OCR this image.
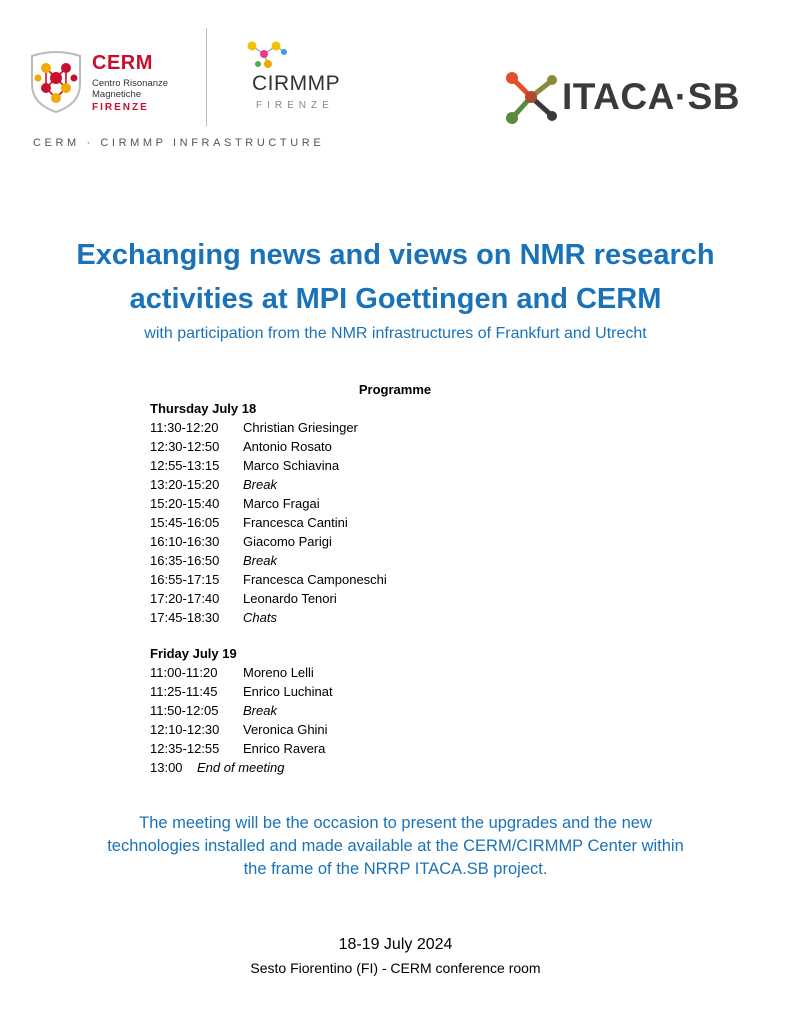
CERM
Centro Risonanze
Magnetiche
FIRENZE
CIRMMP
FIRENZE
CERM · CIRMMP INFRASTRUCTURE
ITACA·SB
Exchanging news and views on NMR research
activities at MPI Goettingen and CERM
with participation from the NMR infrastructures of Frankfurt and Utrecht
Programme
Thursday July 18
11:30-12:20 Christian Griesinger
12:30-12:50 Antonio Rosato
12:55-13:15 Marco Schiavina
13:20-15:20 Break
15:20-15:40 Marco Fragai
15:45-16:05 Francesca Cantini
16:10-16:30 Giacomo Parigi
16:35-16:50 Break
16:55-17:15 Francesca Camponeschi
17:20-17:40 Leonardo Tenori
17:45-18:30 Chats
Friday July 19
11:00-11:20 Moreno Lelli
11:25-11:45 Enrico Luchinat
11:50-12:05 Break
12:10-12:30 Veronica Ghini
12:35-12:55 Enrico Ravera
13:00 End of meeting
The meeting will be the occasion to present the upgrades and the new
technologies installed and made available at the CERM/CIRMMP Center within
the frame of the NRRP ITACA.SB project.
18-19 July 2024
Sesto Fiorentino (FI) - CERM conference room
